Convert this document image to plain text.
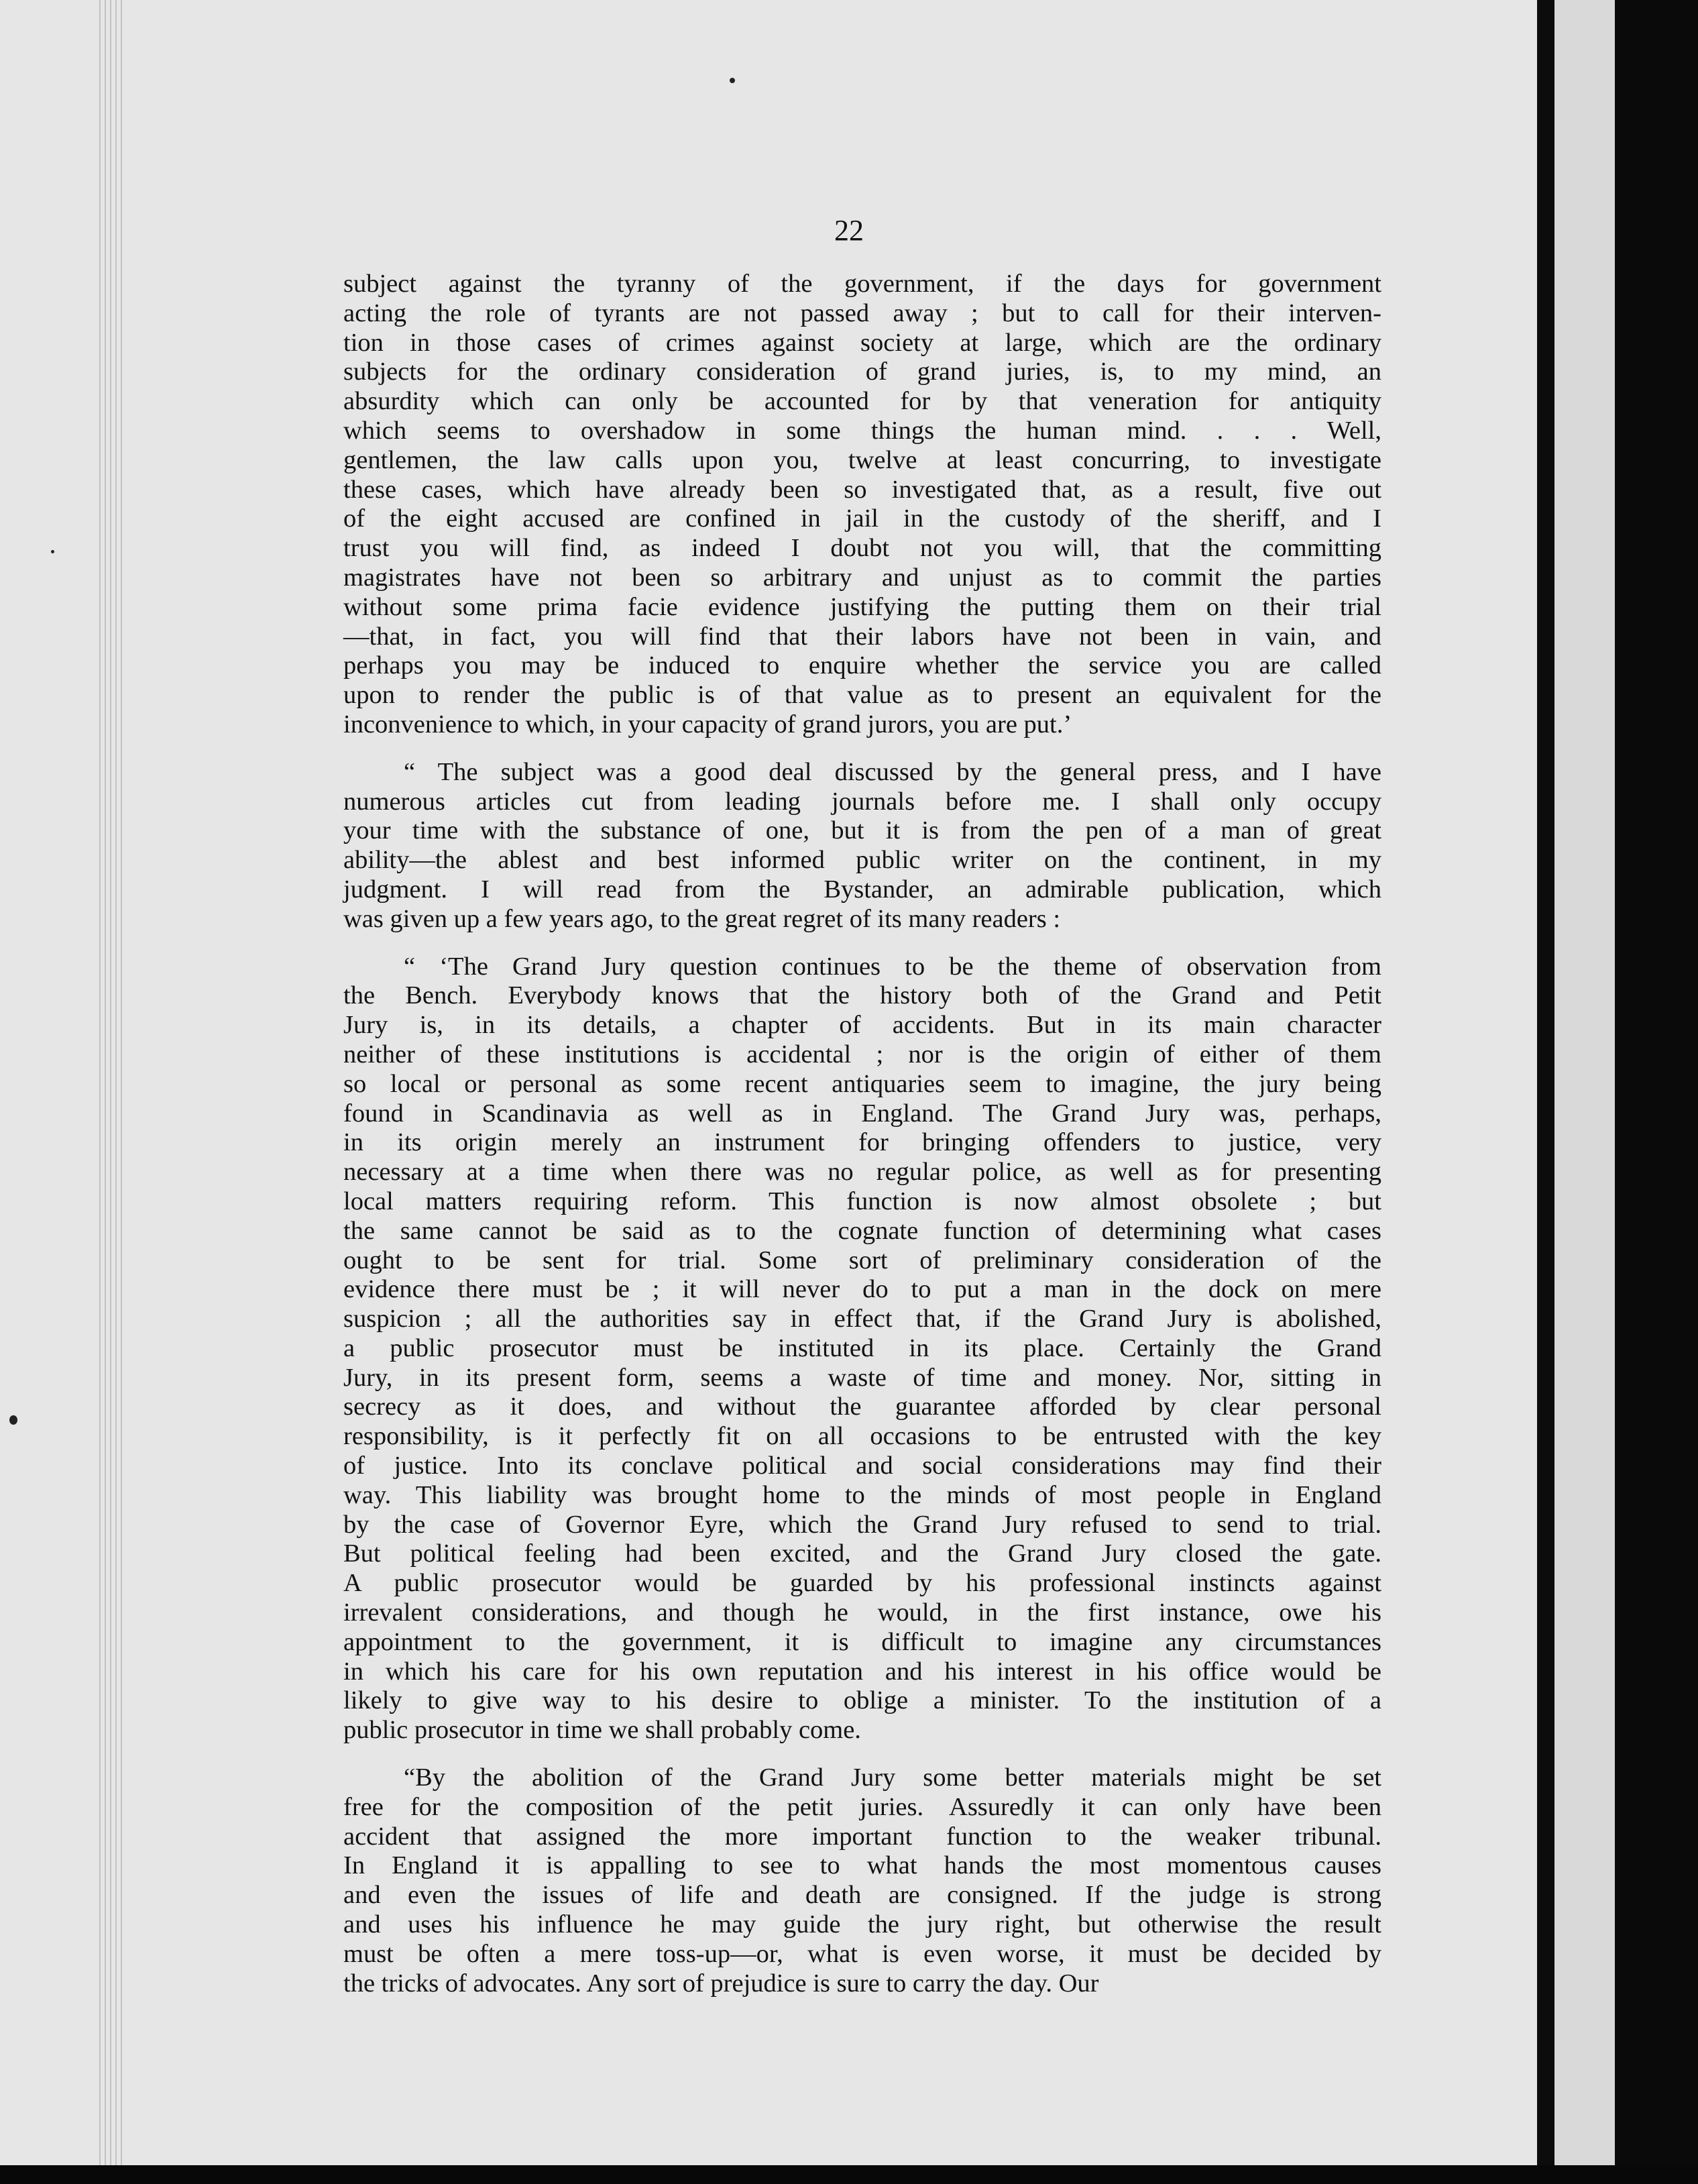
22
subject against the tyranny of the government, if the days for government
acting the role of tyrants are not passed away ; but to call for their interven-
tion in those cases of crimes against society at large, which are the ordinary
subjects for the ordinary consideration of grand juries, is, to my mind, an
absurdity which can only be accounted for by that veneration for antiquity
which seems to overshadow in some things the human mind. . . . Well,
gentlemen, the law calls upon you, twelve at least concurring, to investigate
these cases, which have already been so investigated that, as a result, five out
of the eight accused are confined in jail in the custody of the sheriff, and I
trust you will find, as indeed I doubt not you will, that the committing
magistrates have not been so arbitrary and unjust as to commit the parties
without some prima facie evidence justifying the putting them on their trial
—that, in fact, you will find that their labors have not been in vain, and
perhaps you may be induced to enquire whether the service you are called
upon to render the public is of that value as to present an equivalent for the
inconvenience to which, in your capacity of grand jurors, you are put.’
“ The subject was a good deal discussed by the general press, and I have
numerous articles cut from leading journals before me. I shall only occupy
your time with the substance of one, but it is from the pen of a man of great
ability—the ablest and best informed public writer on the continent, in my
judgment. I will read from the Bystander, an admirable publication, which
was given up a few years ago, to the great regret of its many readers :
“ ‘The Grand Jury question continues to be the theme of observation from
the Bench. Everybody knows that the history both of the Grand and Petit
Jury is, in its details, a chapter of accidents. But in its main character
neither of these institutions is accidental ; nor is the origin of either of them
so local or personal as some recent antiquaries seem to imagine, the jury being
found in Scandinavia as well as in England. The Grand Jury was, perhaps,
in its origin merely an instrument for bringing offenders to justice, very
necessary at a time when there was no regular police, as well as for presenting
local matters requiring reform. This function is now almost obsolete ; but
the same cannot be said as to the cognate function of determining what cases
ought to be sent for trial. Some sort of preliminary consideration of the
evidence there must be ; it will never do to put a man in the dock on mere
suspicion ; all the authorities say in effect that, if the Grand Jury is abolished,
a public prosecutor must be instituted in its place. Certainly the Grand
Jury, in its present form, seems a waste of time and money. Nor, sitting in
secrecy as it does, and without the guarantee afforded by clear personal
responsibility, is it perfectly fit on all occasions to be entrusted with the key
of justice. Into its conclave political and social considerations may find their
way. This liability was brought home to the minds of most people in England
by the case of Governor Eyre, which the Grand Jury refused to send to trial.
But political feeling had been excited, and the Grand Jury closed the gate.
A public prosecutor would be guarded by his professional instincts against
irrevalent considerations, and though he would, in the first instance, owe his
appointment to the government, it is difficult to imagine any circumstances
in which his care for his own reputation and his interest in his office would be
likely to give way to his desire to oblige a minister. To the institution of a
public prosecutor in time we shall probably come.
“By the abolition of the Grand Jury some better materials might be set
free for the composition of the petit juries. Assuredly it can only have been
accident that assigned the more important function to the weaker tribunal.
In England it is appalling to see to what hands the most momentous causes
and even the issues of life and death are consigned. If the judge is strong
and uses his influence he may guide the jury right, but otherwise the result
must be often a mere toss-up—or, what is even worse, it must be decided by
the tricks of advocates. Any sort of prejudice is sure to carry the day. Our
